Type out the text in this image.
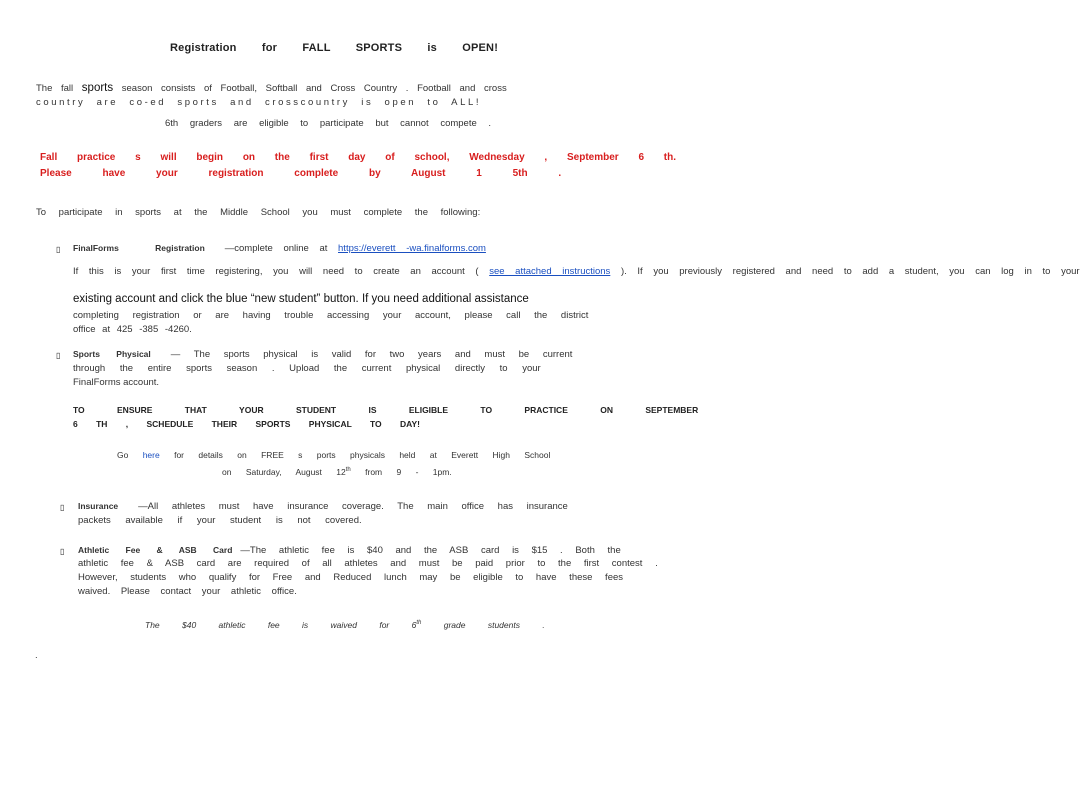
Registration for FALL SPORTS is OPEN!
The fall sports season consists of Football, Softball and Cross Country . Football and cross
country are co-ed sports and crosscountry is open to ALL!
6th graders are eligible to participate but cannot compete .
Fall practice s will begin on the first day of school, Wednesday , September 6 th.
Please have your registration complete by August 1 5th .
To participate in sports at the Middle School you must complete the following:
▯ FinalForms Registration —complete online at https://everett -wa.finalforms.com
If this is your first time registering, you will need to create an account ( see attached instructions ). If you previously registered and need to add a student, you can log in to your
existing account and click the blue “new student” button. If you need additional assistance
completing registration or are having trouble accessing your account, please call the district
office at 425 -385 -4260.
▯ Sports Physical — The sports physical is valid for two years and must be current
through the entire sports season . Upload the current physical directly to your
FinalForms account.
TO ENSURE THAT YOUR STUDENT IS ELIGIBLE TO PRACTICE ON SEPTEMBER
6 TH , SCHEDULE THEIR SPORTS PHYSICAL TO DAY!
Go here for details on FREE s ports physicals held at Everett High School
on Saturday, August 12th from 9 - 1pm.
▯ Insurance —All athletes must have insurance coverage. The main office has insurance
packets available if your student is not covered.
▯ Athletic Fee & ASB Card —The athletic fee is $40 and the ASB card is $15 . Both the
athletic fee & ASB card are required of all athletes and must be paid prior to the first contest .
However, students who qualify for Free and Reduced lunch may be eligible to have these fees
waived. Please contact your athletic office.
The $40 athletic fee is waived for 6th grade students .
.
